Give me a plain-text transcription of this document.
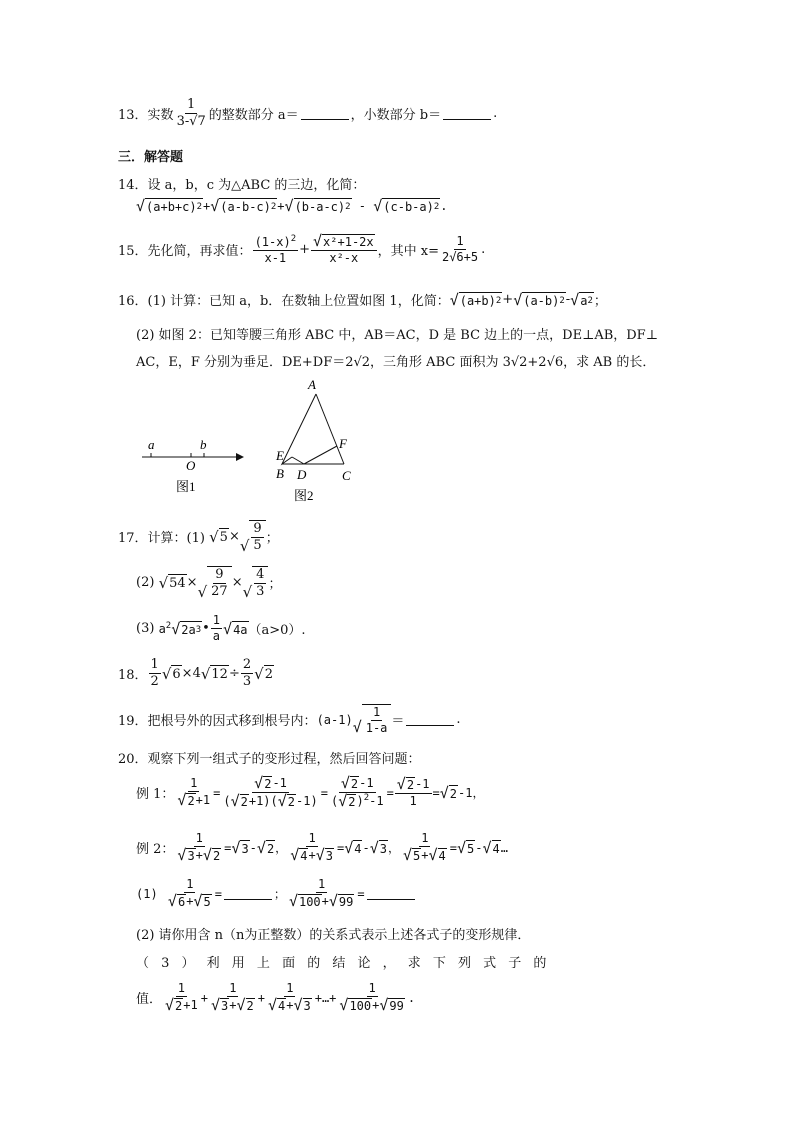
13． 实数 $\frac{1}{3-√7}$ 的整数部分 a＝	，小数部分 b＝	.
三．解答题
14． 设 a，b，c 为△ABC 的三边，化简：
√ (a+b+c) 2 + √ (a-b-c) 2 + √ (b-a-c) 2 - √ (c-b-a) 2 .
15． 先化简，再求值： $\frac{(1-x)^2}{x-1} + \frac{\text{√ x²+1-2x}}{\text{x²-x}}$ ，其中 $x= \frac{1}{2√6+5}$ .
16． (1) 计算：已知 a，b．在数轴上位置如图 1，化简： √ (a+b) 2 + √ (a-b) 2 - √ a 2 ；
(2) 如图 2：已知等腰三角形 ABC 中，AB＝AC，D 是 BC 边上的一点，DE⊥AB，DF⊥
AC，E，F 分别为垂足．DE+DF＝2√2，三角形 ABC 面积为 3√2+2√6，求 AB 的长．
a	b
O
图1
A
B	C
D
E
F
图2
17． 计算：(1)
√ 5 × √ $\frac{9}{5}$ ；
(2)
√ 54 × √ $\frac{9}{27}$ × √ $\frac{4}{3}$ ；
(3)
$a^2$ √ 2a 3 • $\frac{1}{a}$ √ 4a （a>0）.
18． $\frac{1}{2}$ √ 6 ×4 √ $12 \div \frac{2}{3}$ √ 2
19． 把根号外的因式移到根号内： (a-1) √ $\frac{1}{1-a}$ ＝	.
20． 观察下列一组式子的变形过程，然后回答问题：
例 1： $\frac{1}{√ 2 +1} = \frac{√ 2 -1}{( √ 2 +1)( √ 2 -1)} = \frac{√ 2 -1}{( √ 2 )^2-1} = \frac{√ 2 -1}{1}$ = √ 2 -1，
例 2： $\frac{1}{√ 3 + √ 2}$ = √ 3 - √ 2 ， $\frac{1}{√ 4 + √ 3}$ = √ 4 - √ 3 ， $\frac{1}{√ 5 + √ 4}$ = √ 5 - √ 4 …
(1)
$\frac{1}{√ 6 + √ 5}$ =	； $\frac{1}{√ 100 + √ 99}$ =
(2) 请你用含 n（n为正整数）的关系式表示上述各式子的变形规律．
（ 3 ） 利 用 上 面 的 结 论 ， 求 下 列 式 子 的
值． $\frac{1}{√ 2 +1} + \frac{1}{√ 3 + √ 2} + \frac{1}{√ 4 + √ 3}$ +…+ $\frac{1}{√ 100 + √ 99}$ .
